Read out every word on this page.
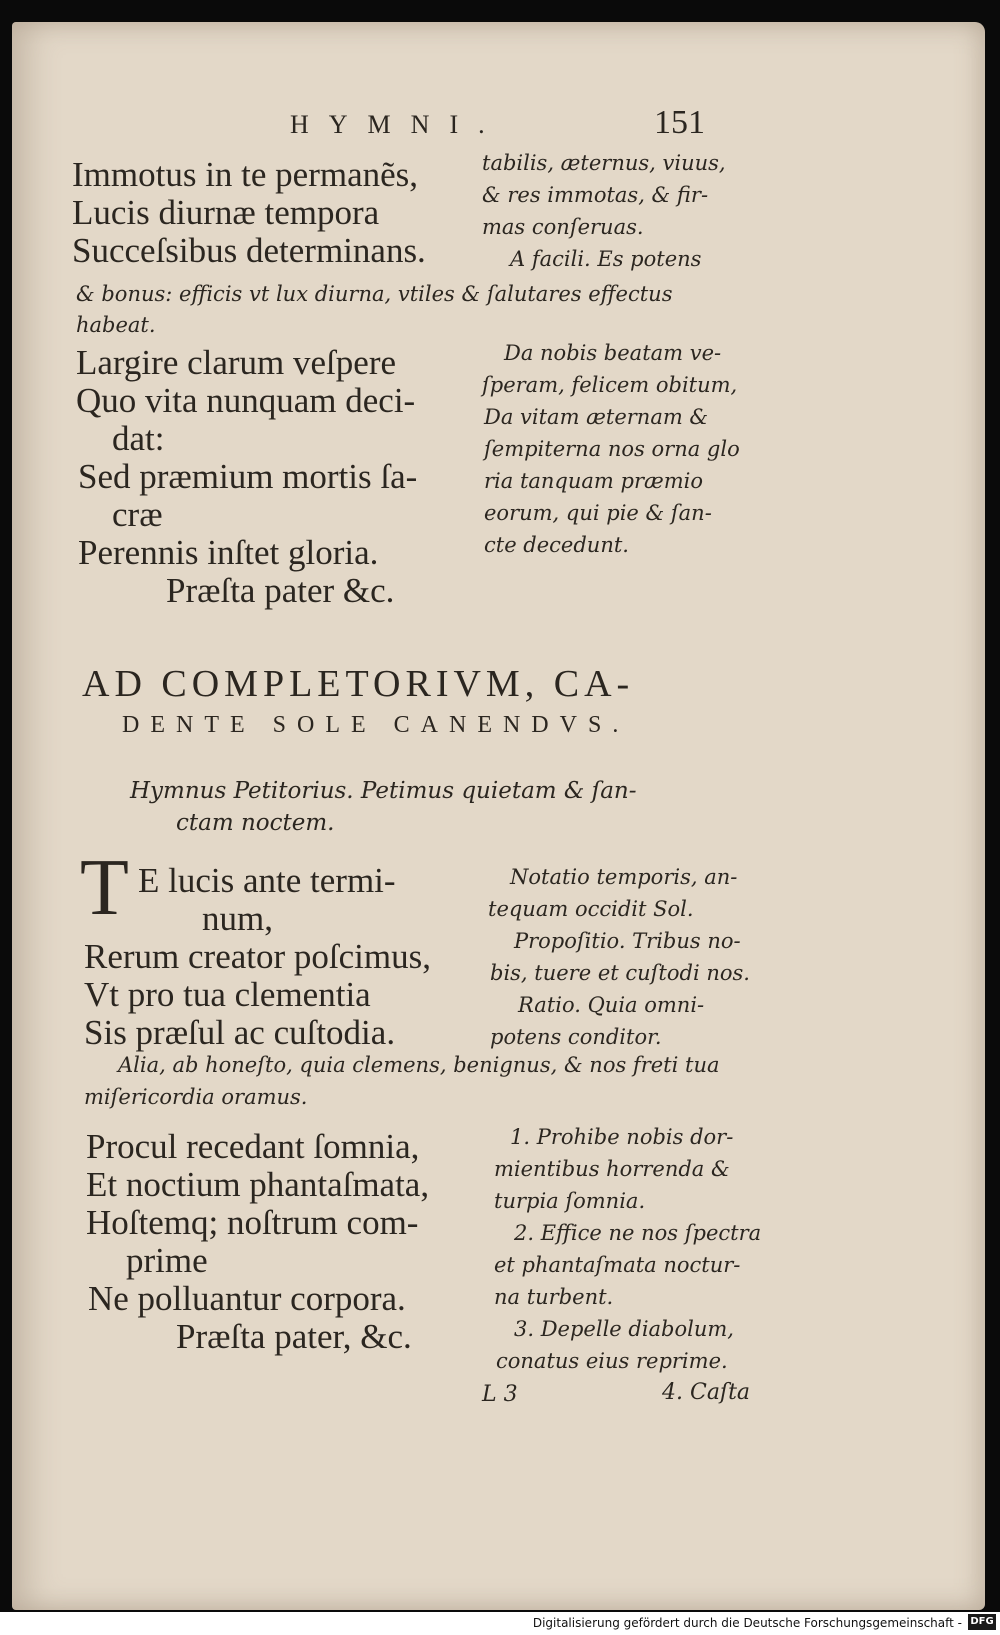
HYMNI.	151
Immotus in te permanẽs,
Lucis diurnæ tempora
Succeſsibus determinans.
tabilis, æternus, viuus,
& res immotas, & fir-
mas conſeruas.
A facili. Es potens
& bonus: efficis vt lux diurna, vtiles & ſalutares effectus
habeat.
Largire clarum veſpere
Quo vita nunquam deci-
dat:
Sed præmium mortis ſa-
cræ
Perennis inſtet gloria.
Præſta pater &c.
Da nobis beatam ve-
ſperam, felicem obitum,
Da vitam æternam &
ſempiterna nos orna glo
ria tanquam præmio
eorum, qui pie & ſan-
cte decedunt.
AD COMPLETORIVM, CA-
DENTE SOLE CANENDVS.
Hymnus Petitorius. Petimus quietam & ſan-
ctam noctem.
T E lucis ante termi-
num,
Rerum creator poſcimus,
Vt pro tua clementia
Sis præſul ac cuſtodia.
Notatio temporis, an-
tequam occidit Sol.
Propoſitio. Tribus no-
bis, tuere et cuſtodi nos.
Ratio. Quia omni-
potens conditor.
Alia, ab honeſto, quia clemens, benignus, & nos freti tua
miſericordia oramus.
Procul recedant ſomnia,
Et noctium phantaſmata,
Hoſtemq; noſtrum com-
prime
Ne polluantur corpora.
Præſta pater, &c.
1. Prohibe nobis dor-
mientibus horrenda &
turpia ſomnia.
2. Effice ne nos ſpectra
et phantaſmata noctur-
na turbent.
3. Depelle diabolum,
conatus eius reprime.
L 3	4. Caſta
Digitalisierung gefördert durch die Deutsche Forschungsgemeinschaft - DFG
